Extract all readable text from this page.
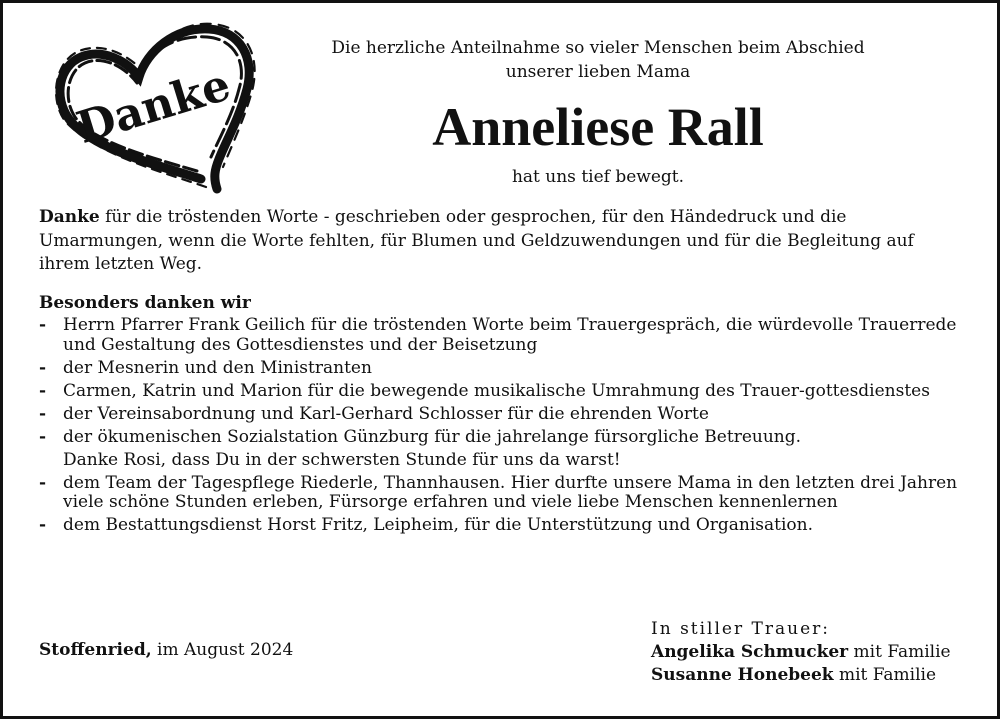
Danke
Die herzliche Anteilnahme so vieler Menschen beim Abschied
unserer lieben Mama
Anneliese Rall
hat uns tief bewegt.

Danke für die tröstenden Worte - geschrieben oder gesprochen, für den Händedruck und die Umarmungen, wenn die Worte fehlten, für Blumen und Geldzuwendungen und für die Begleitung auf ihrem letzten Weg.

Besonders danken wir
- Herrn Pfarrer Frank Geilich für die tröstenden Worte beim Trauergespräch, die würdevolle Trauerrede und Gestaltung des Gottesdienstes und der Beisetzung
- der Mesnerin und den Ministranten
- Carmen, Katrin und Marion für die bewegende musikalische Umrahmung des Trauer-gottesdienstes
- der Vereinsabordnung und Karl-Gerhard Schlosser für die ehrenden Worte
- der ökumenischen Sozialstation Günzburg für die jahrelange fürsorgliche Betreuung.
Danke Rosi, dass Du in der schwersten Stunde für uns da warst!
- dem Team der Tagespflege Riederle, Thannhausen. Hier durfte unsere Mama in den letzten drei Jahren viele schöne Stunden erleben, Fürsorge erfahren und viele liebe Menschen kennenlernen
- dem Bestattungsdienst Horst Fritz, Leipheim, für die Unterstützung und Organisation.
Stoffenried, im August 2024
In stiller Trauer:
Angelika Schmucker mit Familie
Susanne Honebeek mit Familie
